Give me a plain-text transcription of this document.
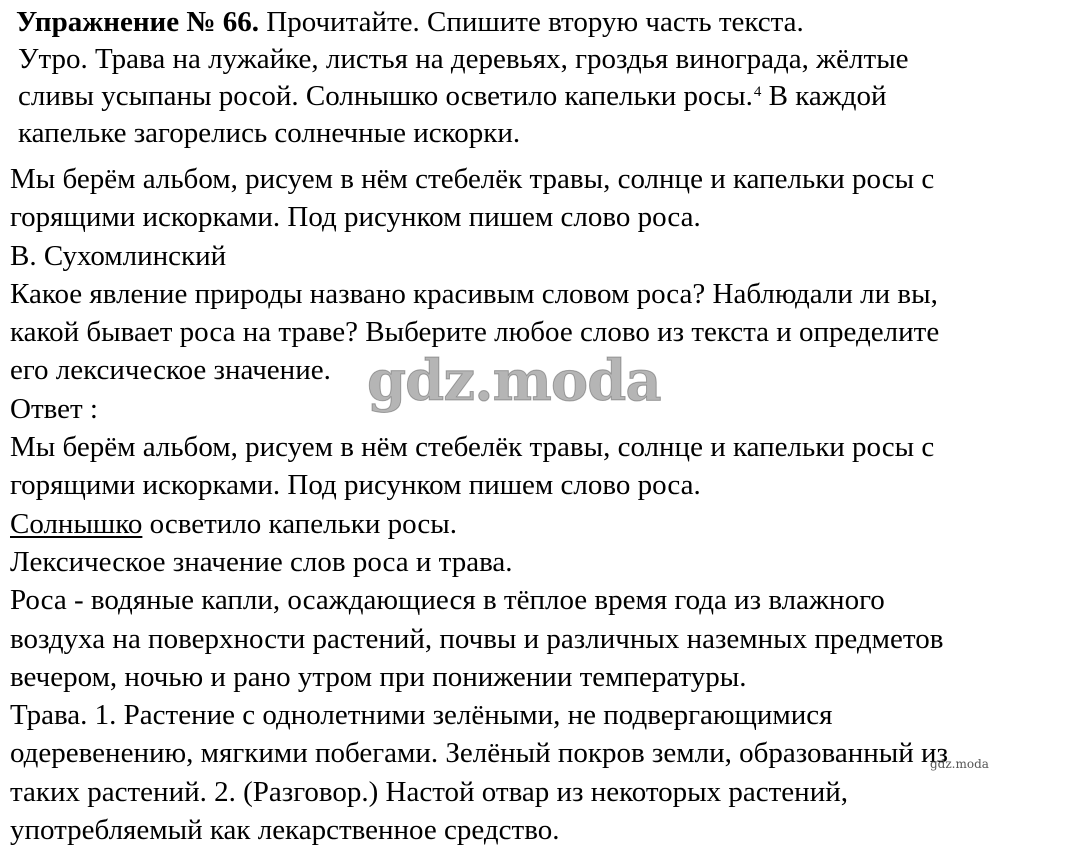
Упражнение № 66. Прочитайте. Спишите вторую часть текста.
Утро. Трава на лужайке, листья на деревьях, гроздья винограда, жёлтые
сливы усыпаны росой. Солнышко осветило капельки росы.$^4$ В каждой
капельке загорелись солнечные искорки.
Мы берём альбом, рисуем в нём стебелёк травы, солнце и капельки росы с
горящими искорками. Под рисунком пишем слово роса.
В. Сухомлинский
Какое явление природы названо красивым словом роса? Наблюдали ли вы,
какой бывает роса на траве? Выберите любое слово из текста и определите
его лексическое значение.
Ответ :
Мы берём альбом, рисуем в нём стебелёк травы, солнце и капельки росы с
горящими искорками. Под рисунком пишем слово роса.
Солнышко осветило капельки росы.
Лексическое значение слов роса и трава.
Роса - водяные капли, осаждающиеся в тёплое время года из влажного
воздуха на поверхности растений, почвы и различных наземных предметов
вечером, ночью и рано утром при понижении температуры.
Трава. 1. Растение с однолетними зелёными, не подвергающимися
одеревенению, мягкими побегами. Зелёный покров земли, образованный из
таких растений. 2. (Разговор.) Настой отвар из некоторых растений,
употребляемый как лекарственное средство.
gdz.moda
gdz.moda
